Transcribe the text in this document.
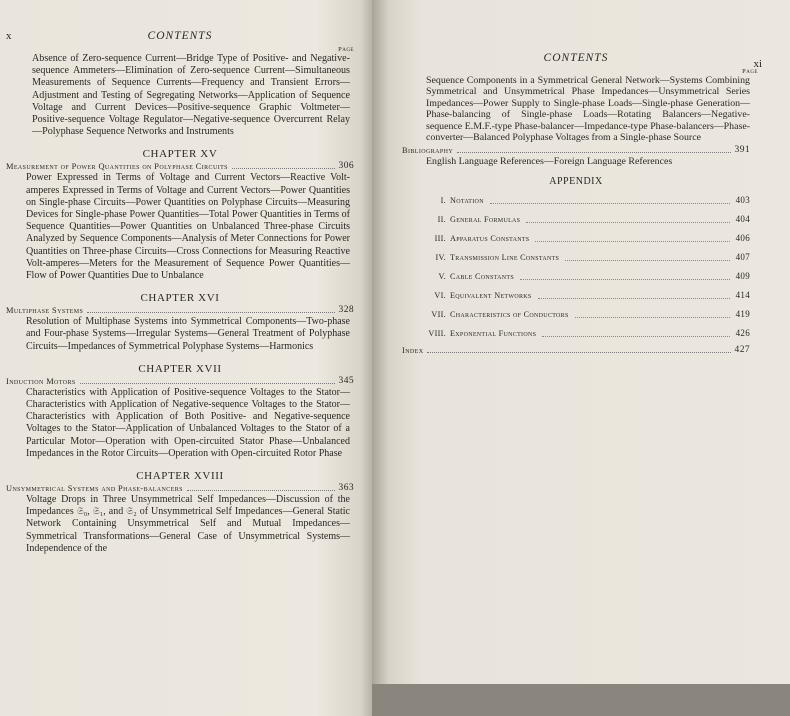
x	CONTENTS
Page
Absence of Zero-sequence Current—Bridge Type of Positive- and Negative-sequence Ammeters—Elimination of Zero-sequence Current—Simultaneous Measurements of Sequence Currents—Frequency and Transient Errors—Adjustment and Testing of Segregating Networks—Application of Sequence Voltage and Current Devices—Positive-sequence Graphic Voltmeter—Positive-sequence Voltage Regulator—Negative-sequence Overcurrent Relay—Polyphase Sequence Networks and Instruments
CHAPTER XV
Measurement of Power Quantities on Polyphase Circuits	306
Power Expressed in Terms of Voltage and Current Vectors—Reactive Volt-amperes Expressed in Terms of Voltage and Current Vectors—Power Quantities on Single-phase Circuits—Power Quantities on Polyphase Circuits—Measuring Devices for Single-phase Power Quantities—Total Power Quantities in Terms of Sequence Quantities—Power Quantities on Unbalanced Three-phase Circuits Analyzed by Sequence Components—Analysis of Meter Connections for Power Quantities on Three-phase Circuits—Cross Connections for Measuring Reactive Volt-amperes—Meters for the Measurement of Sequence Power Quantities—Flow of Power Quantities Due to Unbalance
CHAPTER XVI
Multiphase Systems	328
Resolution of Multiphase Systems into Symmetrical Components—Two-phase and Four-phase Systems—Irregular Systems—General Treatment of Polyphase Circuits—Impedances of Symmetrical Polyphase Systems—Harmonics
CHAPTER XVII
Induction Motors	345
Characteristics with Application of Positive-sequence Voltages to the Stator—Characteristics with Application of Negative-sequence Voltages to the Stator—Characteristics with Application of Both Positive- and Negative-sequence Voltages to the Stator—Application of Unbalanced Voltages to the Stator of a Particular Motor—Operation with Open-circuited Stator Phase—Unbalanced Impedances in the Rotor Circuits—Operation with Open-circuited Rotor Phase
CHAPTER XVIII
Unsymmetrical Systems and Phase-balancers	363
Voltage Drops in Three Unsymmetrical Self Impedances—Discussion of the Impedances 𝔖₀, 𝔖₁, and 𝔖₂ of Unsymmetrical Self Impedances—General Static Network Containing Unsymmetrical Self and Mutual Impedances—Symmetrical Transformations—General Case of Unsymmetrical Systems—Independence of the
CONTENTS	xi
Page
Sequence Components in a Symmetrical General Network—Systems Combining Symmetrical and Unsymmetrical Phase Impedances—Unsymmetrical Series Impedances—Power Supply to Single-phase Loads—Single-phase Generation—Phase-balancing of Single-phase Loads—Rotating Balancers—Negative-sequence E.M.F.-type Phase-balancer—Impedance-type Phase-balancers—Phase-converter—Balanced Polyphase Voltages from a Single-phase Source
Bibliography	391
English Language References—Foreign Language References
APPENDIX
I. Notation	403
II. General Formulas	404
III. Apparatus Constants	406
IV. Transmission Line Constants	407
V. Cable Constants	409
VI. Equivalent Networks	414
VII. Characteristics of Conductors	419
VIII. Exponential Functions	426
Index	427
